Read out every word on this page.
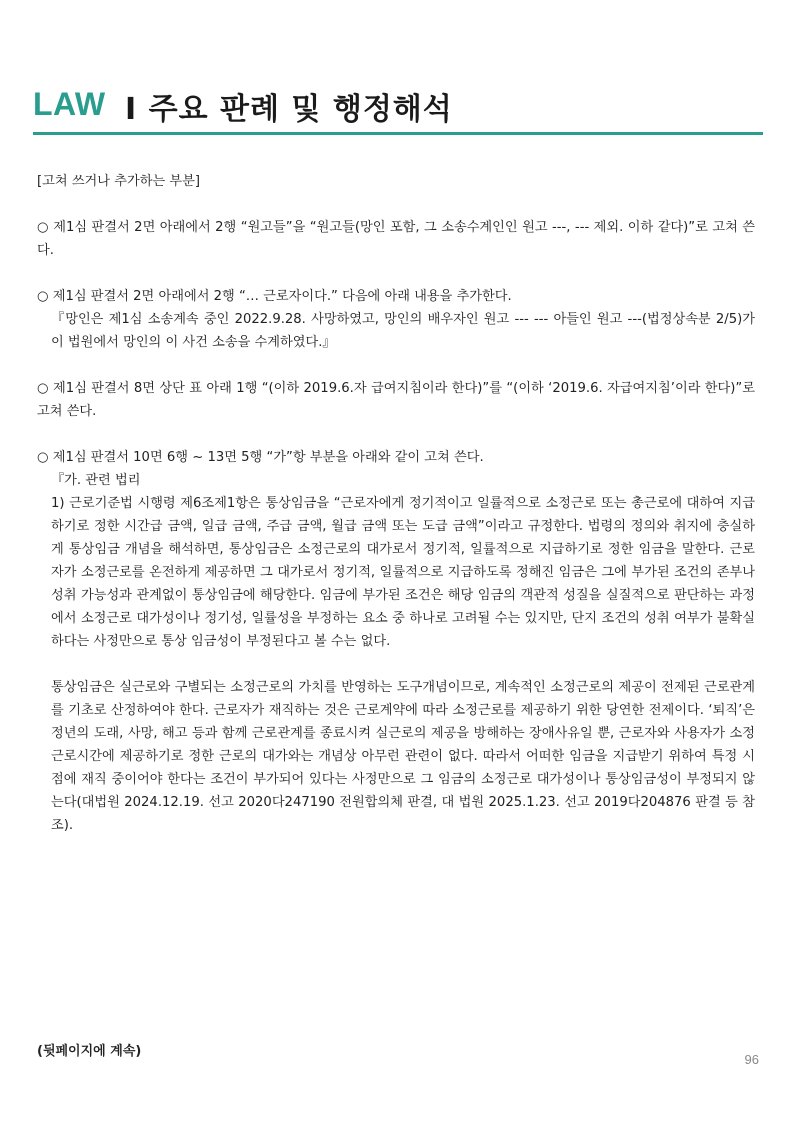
LAW Ⅰ 주요 판례 및 행정해석

[고쳐 쓰거나 추가하는 부분]

○ 제1심 판결서 2면 아래에서 2행 “원고들”을 “원고들(망인 포함, 그 소송수계인인 원고 ---, --- 제외. 이하 같다)”로 고쳐 쓴다.

○ 제1심 판결서 2면 아래에서 2행 “… 근로자이다.” 다음에 아래 내용을 추가한다.

『망인은 제1심 소송계속 중인 2022.9.28. 사망하였고, 망인의 배우자인 원고 --- --- 아들인 원고 ---(법정상속분 2/5)가 이 법원에서 망인의 이 사건 소송을 수계하였다.』

○ 제1심 판결서 8면 상단 표 아래 1행 “(이하 2019.6.자 급여지침이라 한다)”를 “(이하 ‘2019.6. 자급여지침’이라 한다)”로 고쳐 쓴다.

○ 제1심 판결서 10면 6행 ~ 13면 5행 “가”항 부분을 아래와 같이 고쳐 쓴다.

『가. 관련 법리

1) 근로기준법 시행령 제6조제1항은 통상임금을 “근로자에게 정기적이고 일률적으로 소정근로 또는 총근로에 대하여 지급하기로 정한 시간급 금액, 일급 금액, 주급 금액, 월급 금액 또는 도급 금액”이라고 규정한다. 법령의 정의와 취지에 충실하게 통상임금 개념을 해석하면, 통상임금은 소정근로의 대가로서 정기적, 일률적으로 지급하기로 정한 임금을 말한다. 근로자가 소정근로를 온전하게 제공하면 그 대가로서 정기적, 일률적으로 지급하도록 정해진 임금은 그에 부가된 조건의 존부나 성취 가능성과 관계없이 통상임금에 해당한다. 임금에 부가된 조건은 해당 임금의 객관적 성질을 실질적으로 판단하는 과정에서 소정근로 대가성이나 정기성, 일률성을 부정하는 요소 중 하나로 고려될 수는 있지만, 단지 조건의 성취 여부가 불확실하다는 사정만으로 통상 임금성이 부정된다고 볼 수는 없다.

통상임금은 실근로와 구별되는 소정근로의 가치를 반영하는 도구개념이므로, 계속적인 소정근로의 제공이 전제된 근로관계를 기초로 산정하여야 한다. 근로자가 재직하는 것은 근로계약에 따라 소정근로를 제공하기 위한 당연한 전제이다. ‘퇴직’은 정년의 도래, 사망, 해고 등과 함께 근로관계를 종료시켜 실근로의 제공을 방해하는 장애사유일 뿐, 근로자와 사용자가 소정근로시간에 제공하기로 정한 근로의 대가와는 개념상 아무런 관련이 없다. 따라서 어떠한 임금을 지급받기 위하여 특정 시점에 재직 중이어야 한다는 조건이 부가되어 있다는 사정만으로 그 임금의 소정근로 대가성이나 통상임금성이 부정되지 않는다(대법원 2024.12.19. 선고 2020다247190 전원합의체 판결, 대 법원 2025.1.23. 선고 2019다204876 판결 등 참조).

(뒷페이지에 계속)
96
